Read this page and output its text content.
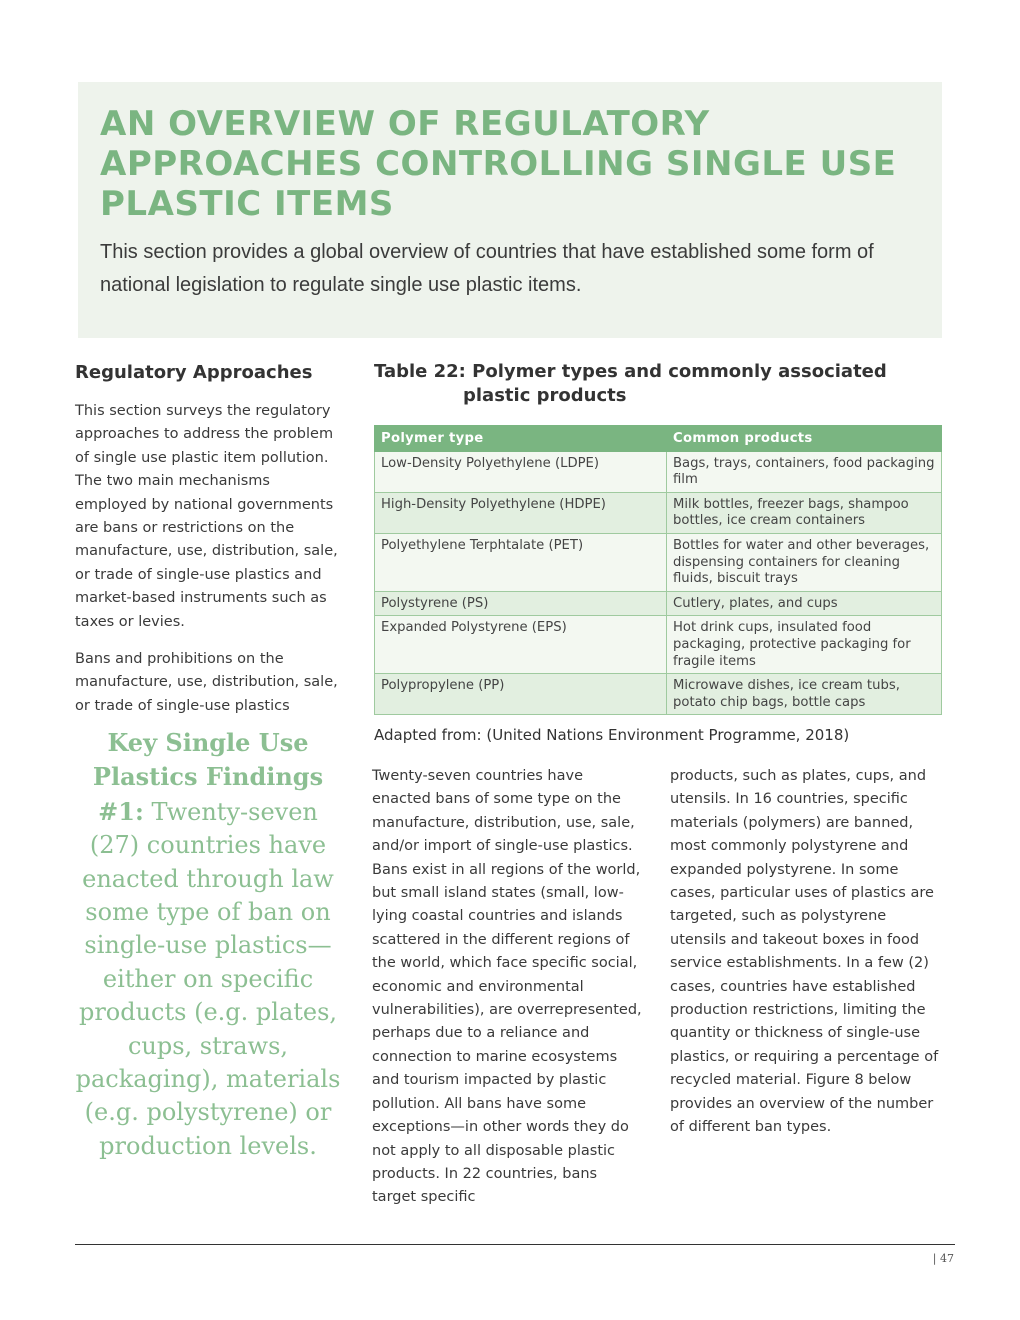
AN OVERVIEW OF REGULATORY APPROACHES CONTROLLING SINGLE USE PLASTIC ITEMS

This section provides a global overview of countries that have established some form of national legislation to regulate single use plastic items.

Regulatory Approaches

This section surveys the regulatory approaches to address the problem of single use plastic item pollution. The two main mechanisms employed by national governments are bans or restrictions on the manufacture, use, distribution, sale, or trade of single-use plastics and market-based instruments such as taxes or levies.

Bans and prohibitions on the manufacture, use, distribution, sale, or trade of single-use plastics

Key Single Use Plastics Findings #1: Twenty-seven (27) countries have enacted through law some type of ban on single-use plastics—either on specific products (e.g. plates, cups, straws, packaging), materials (e.g. polystyrene) or production levels.
Table 22: Polymer types and commonly associated plastic products
Polymer type	Common products
Low-Density Polyethylene (LDPE)	Bags, trays, containers, food packaging film
High-Density Polyethylene (HDPE)	Milk bottles, freezer bags, shampoo bottles, ice cream containers
Polyethylene Terphtalate (PET)	Bottles for water and other beverages, dispensing containers for cleaning fluids, biscuit trays
Polystyrene (PS)	Cutlery, plates, and cups
Expanded Polystyrene (EPS)	Hot drink cups, insulated food packaging, protective packaging for fragile items
Polypropylene (PP)	Microwave dishes, ice cream tubs, potato chip bags, bottle caps
Adapted from: (United Nations Environment Programme, 2018)

Twenty-seven countries have enacted bans of some type on the manufacture, distribution, use, sale, and/or import of single-use plastics. Bans exist in all regions of the world, but small island states (small, low-lying coastal countries and islands scattered in the different regions of the world, which face specific social, economic and environmental vulnerabilities), are overrepresented, perhaps due to a reliance and connection to marine ecosystems and tourism impacted by plastic pollution. All bans have some exceptions—in other words they do not apply to all disposable plastic products. In 22 countries, bans target specific

products, such as plates, cups, and utensils. In 16 countries, specific materials (polymers) are banned, most commonly polystyrene and expanded polystyrene. In some cases, particular uses of plastics are targeted, such as polystyrene utensils and takeout boxes in food service establishments. In a few (2) cases, countries have established production restrictions, limiting the quantity or thickness of single-use plastics, or requiring a percentage of recycled material. Figure 8 below provides an overview of the number of different ban types.

| 47
